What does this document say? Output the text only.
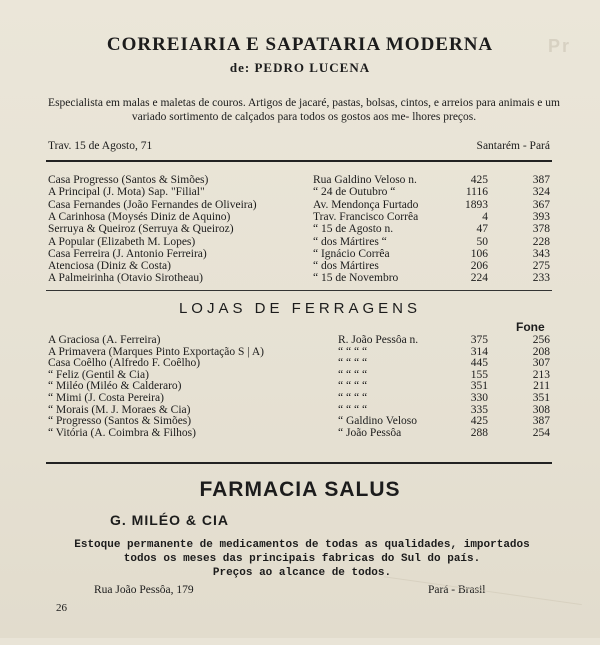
Pr
CORREIARIA E SAPATARIA MODERNA
de: PEDRO LUCENA
Especialista em malas e maletas de couros. Artigos de jacaré, pastas, bolsas, cintos, e arreios para animais e um variado sortimento de calçados para todos os gostos aos me- lhores preços.
Trav. 15 de Agosto, 71	Santarém - Pará
Casa Progresso (Santos & Simões)	Rua Galdino Veloso n.	425	387
A Principal (J. Mota) Sap. "Filial"	“ 24 de Outubro “	1116	324
Casa Fernandes (João Fernandes de Oliveira)	Av. Mendonça Furtado	1893	367
A Carinhosa (Moysés Diniz de Aquino)	Trav. Francisco Corrêa	4	393
Serruya & Queiroz (Serruya & Queiroz)	“ 15 de Agosto n.	47	378
A Popular (Elizabeth M. Lopes)	“ dos Mártires “	50	228
Casa Ferreira (J. Antonio Ferreira)	“ Ignácio Corrêa	106	343
Atenciosa (Diniz & Costa)	“ dos Mártires	206	275
A Palmeirinha (Otavio Sirotheau)	“ 15 de Novembro	224	233
LOJAS DE FERRAGENS
Fone
A Graciosa (A. Ferreira)	R. João Pessôa n.	375	256
A Primavera (Marques Pinto Exportação S | A)	“ “ “ “	314	208
Casa Coêlho (Alfredo F. Coêlho)	“ “ “ “	445	307
“ Feliz (Gentil & Cia)	“ “ “ “	155	213
“ Miléo (Miléo & Calderaro)	“ “ “ “	351	211
“ Mimi (J. Costa Pereira)	“ “ “ “	330	351
“ Morais (M. J. Moraes & Cia)	“ “ “ “	335	308
“ Progresso (Santos & Simões)	“ Galdino Veloso	425	387
“ Vitória (A. Coimbra & Filhos)	“ João Pessôa	288	254
FARMACIA SALUS
G. MILÉO & CIA
Estoque permanente de medicamentos de todas as qualidades, importados
todos os meses das principais fabricas do Sul do país.
Preços ao alcance de todos.
Rua João Pessôa, 179	Pará - Brasil
26
